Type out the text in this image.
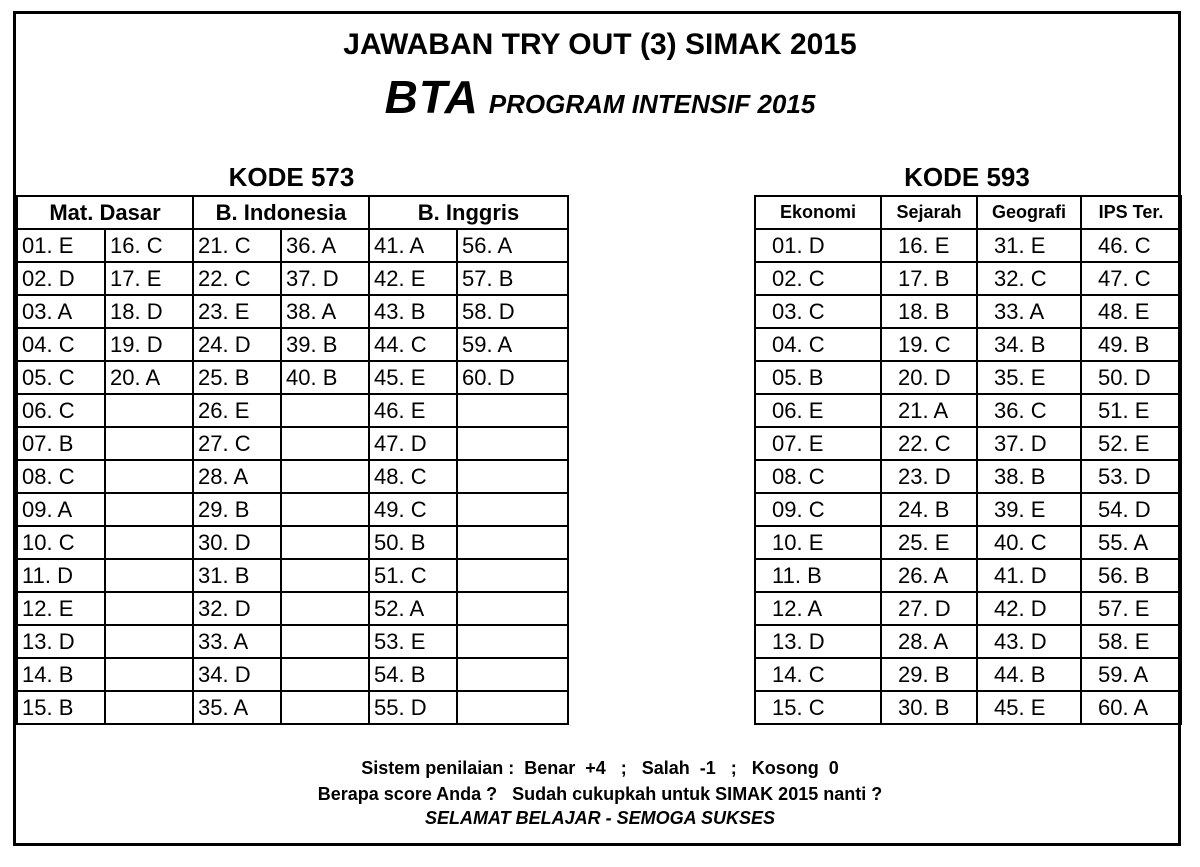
JAWABAN TRY OUT (3) SIMAK 2015
BTA PROGRAM INTENSIF 2015
KODE 573	KODE 593
Mat. Dasar		B. Indonesia		B. Inggris	
01. E	16. C	21. C	36. A	41. A	56. A
02. D	17. E	22. C	37. D	42. E	57. B
03. A	18. D	23. E	38. A	43. B	58. D
04. C	19. D	24. D	39. B	44. C	59. A
05. C	20. A	25. B	40. B	45. E	60. D
06. C		26. E		46. E	
07. B		27. C		47. D	
08. C		28. A		48. C	
09. A		29. B		49. C	
10. C		30. D		50. B	
11. D		31. B		51. C	
12. E		32. D		52. A	
13. D		33. A		53. E	
14. B		34. D		54. B	
15. B		35. A		55. D	
Ekonomi	Sejarah	Geografi	IPS Ter.
01. D	16. E	31. E	46. C
02. C	17. B	32. C	47. C
03. C	18. B	33. A	48. E
04. C	19. C	34. B	49. B
05. B	20. D	35. E	50. D
06. E	21. A	36. C	51. E
07. E	22. C	37. D	52. E
08. C	23. D	38. B	53. D
09. C	24. B	39. E	54. D
10. E	25. E	40. C	55. A
11. B	26. A	41. D	56. B
12. A	27. D	42. D	57. E
13. D	28. A	43. D	58. E
14. C	29. B	44. B	59. A
15. C	30. B	45. E	60. A
Sistem penilaian :  Benar  +4   ;   Salah  -1   ;   Kosong  0
Berapa score Anda ?   Sudah cukupkah untuk SIMAK 2015 nanti ?
SELAMAT BELAJAR - SEMOGA SUKSES
